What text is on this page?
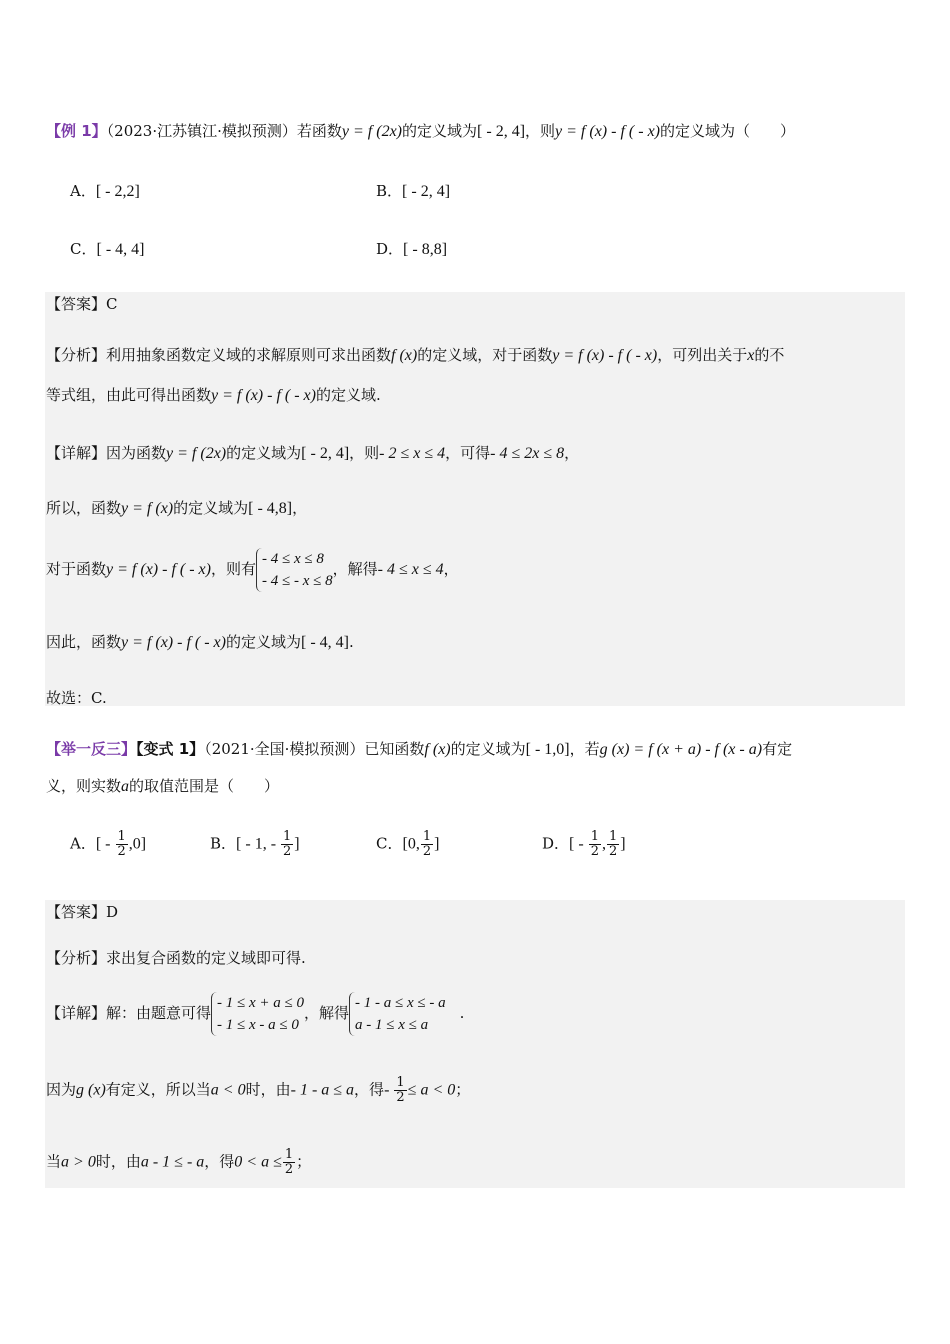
【例 1】（2023·江苏镇江·模拟预测）若函数y = f (2x)的定义域为[ - 2, 4]，则y = f (x) - f ( - x)的定义域为（　　）
A．[ - 2,2]	B．[ - 2, 4]
C．[ - 4, 4]	D．[ - 8,8]
【答案】C
【分析】利用抽象函数定义域的求解原则可求出函数f (x)的定义域，对于函数y = f (x) - f ( - x)，可列出关于x的不
等式组，由此可得出函数y = f (x) - f ( - x)的定义域.
【详解】因为函数y = f (2x)的定义域为[ - 2, 4]，则- 2 ≤ x ≤ 4，可得- 4 ≤ 2x ≤ 8，
所以，函数y = f (x)的定义域为[ - 4,8]，
对于函数y = f (x) - f ( - x)，则有
- 4 ≤ x ≤ 8
- 4 ≤ - x ≤ 8
，解得- 4 ≤ x ≤ 4，
因此，函数y = f (x) - f ( - x)的定义域为[ - 4, 4].
故选：C.
【举一反三】【变式 1】（2021·全国·模拟预测）已知函数f (x)的定义域为[ - 1,0]，若g (x) = f (x + a) - f (x - a)有定
义，则实数a的取值范围是（　　）
A．[ - $\frac{1}{2} ,0$]	B．[ - 1, - $\frac{1}{2}$ ]	C．[0, $\frac{1}{2}$ ]	D．[ - $\frac{1}{2}$ , $\frac{1}{2}$ ]
【答案】D
【分析】求出复合函数的定义域即可得.
【详解】解：由题意可得
- 1 ≤ x + a ≤ 0
- 1 ≤ x - a ≤ 0
，解得
- 1 - a ≤ x ≤ - a
a - 1 ≤ x ≤ a
.
因为g (x)有定义，所以当a < 0时，由- 1 - a ≤ a，得- $\frac{1}{2} \le a < 0$；
当a > 0时，由a - 1 ≤ - a，得$0 < a \le \frac{1}{2}$ ；
